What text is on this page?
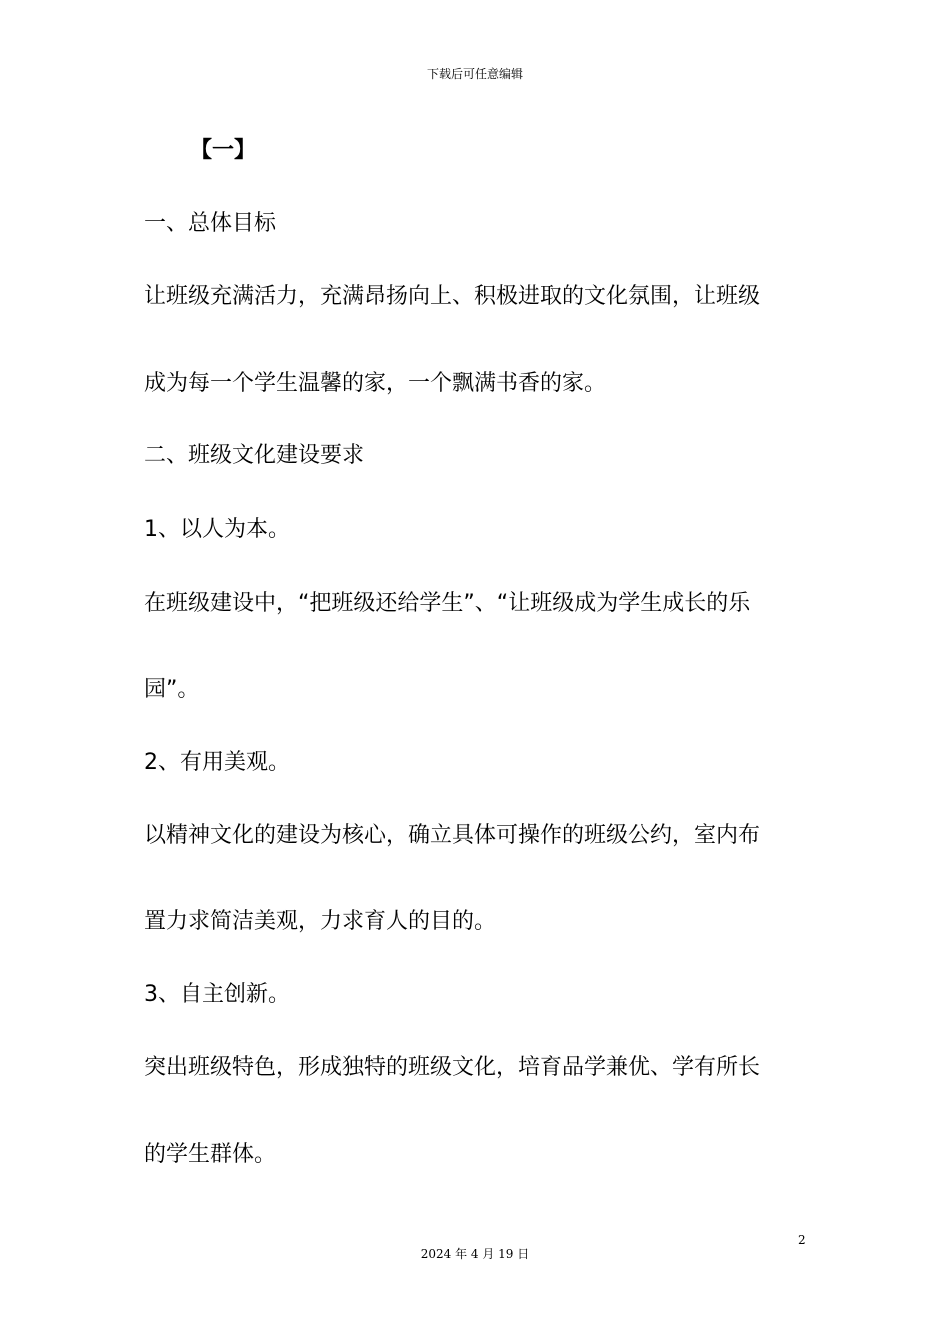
下载后可任意编辑
【一】
一、总体目标
让班级充满活力，充满昂扬向上、积极进取的文化氛围，让班级
成为每一个学生温馨的家，一个飘满书香的家。
二、班级文化建设要求
1、以人为本。
在班级建设中，“把班级还给学生”、“让班级成为学生成长的乐
园”。
2、有用美观。
以精神文化的建设为核心，确立具体可操作的班级公约，室内布
置力求简洁美观，力求育人的目的。
3、自主创新。
突出班级特色，形成独特的班级文化，培育品学兼优、学有所长
的学生群体。
2
2024 年 4 月 19 日
